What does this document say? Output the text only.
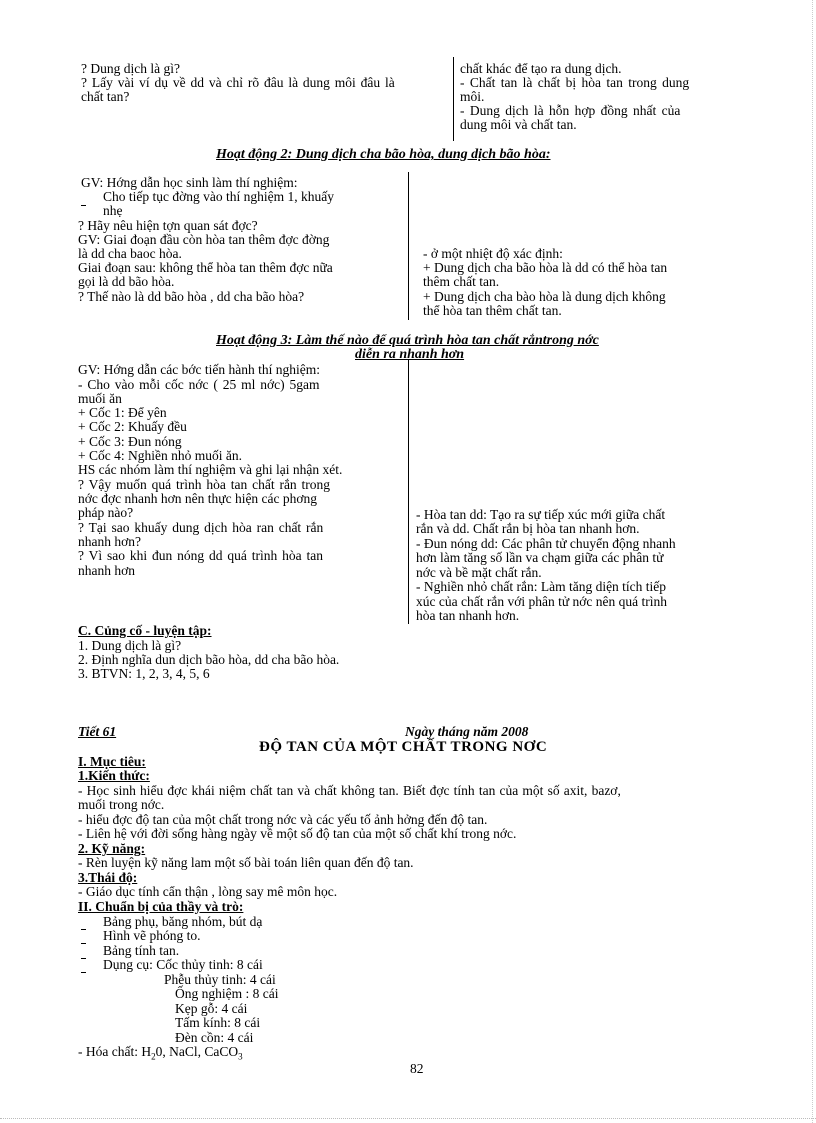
? Dung dịch là gì?
? Lấy vài ví dụ về dd và chỉ rõ đâu là dung môi đâu là
chất tan?
chất khác để tạo ra dung dịch.
- Chất tan là chất bị hòa tan trong dung
môi.
- Dung dịch là hỗn hợp đồng nhất của
dung môi và chất tan.
Hoạt động 2: Dung dịch cha bão hòa, dung dịch bão hòa:
GV: Hớng dẫn học sinh làm thí nghiệm:
Cho tiếp tục đờng vào thí nghiệm 1, khuấy
nhẹ
? Hãy nêu hiện tợn quan sát đợc?
GV: Giai đoạn đầu còn hòa tan thêm đợc đờng
là dd cha baoc hòa.
Giai đoạn sau: không thể hòa tan thêm đợc nữa
gọi là dd bão hòa.
? Thế nào là dd bão hòa , dd cha bão hòa?
- ở một nhiệt độ xác định:
+ Dung dịch cha bão hòa là dd có thể hòa tan
thêm chất tan.
+ Dung dịch cha bào hòa là dung dịch không
thể hòa tan thêm chất tan.
Hoạt động 3: Làm thế nào để quá trình hòa tan chất rắntrong nớc
diễn ra nhanh hơn
GV: Hớng dẫn các bớc tiến hành thí nghiệm:
- Cho vào mỗi cốc nớc ( 25 ml nớc) 5gam
muối ăn
+ Cốc 1: Để yên
+ Cốc 2: Khuấy đều
+ Cốc 3: Đun nóng
+ Cốc 4: Nghiền nhỏ muối ăn.
HS các nhóm làm thí nghiệm và ghi lại nhận xét.
? Vậy muốn quá trình hòa tan chất rắn trong
nớc đợc nhanh hơn nên thực hiện các phơng
pháp nào?
? Tại sao khuấy dung dịch hòa ran chất rắn
nhanh hơn?
? Vì sao khi đun nóng dd quá trình hòa tan
nhanh hơn
- Hòa tan dd: Tạo ra sự tiếp xúc mới giữa chất
rắn và dd. Chất rắn bị hòa tan nhanh hơn.
- Đun nóng dd: Các phân tử chuyển động nhanh
hơn làm tăng số lần va chạm giữa các phân tử
nớc và bề mặt chất rắn.
- Nghiền nhỏ chất rắn: Làm tăng diện tích tiếp
xúc của chất rắn với phân tử nớc nên quá trình
hòa tan nhanh hơn.
C. Củng cố - luyện tập:
1. Dung dịch là gì?
2. Định nghĩa dun dịch bão hòa, dd cha bão hòa.
3. BTVN: 1, 2, 3, 4, 5, 6
Tiết 61	Ngày tháng năm 2008
ĐỘ TAN CỦA MỘT CHẤT TRONG NƠC
I. Mục tiêu:
1.Kiến thức:
- Học sinh hiểu đợc khái niệm chất tan và chất không tan. Biết đợc tính tan của một số axit, bazơ,
muối trong nớc.
- hiểu đợc độ tan của một chất trong nớc và các yếu tố ảnh hởng đến độ tan.
- Liên hệ với đời sống hàng ngày về một số độ tan của một số chất khí trong nớc.
2. Kỹ năng:
- Rèn luyện kỹ năng lam một số bài toán liên quan đến độ tan.
3.Thái độ:
- Giáo dục tính cẩn thận , lòng say mê môn học.
II. Chuẩn bị của thầy và trò:
Bảng phụ, băng nhóm, bút dạ
Hình vẽ phóng to.
Bảng tính tan.
Dụng cụ: Cốc thủy tinh: 8 cái
Phễu thủy tinh: 4 cái
Ống nghiệm : 8 cái
Kẹp gỗ: 4 cái
Tấm kính: 8 cái
Đèn cồn: 4 cái
- Hóa chất: $H_20$, NaCl, CaCO$_3$
82
